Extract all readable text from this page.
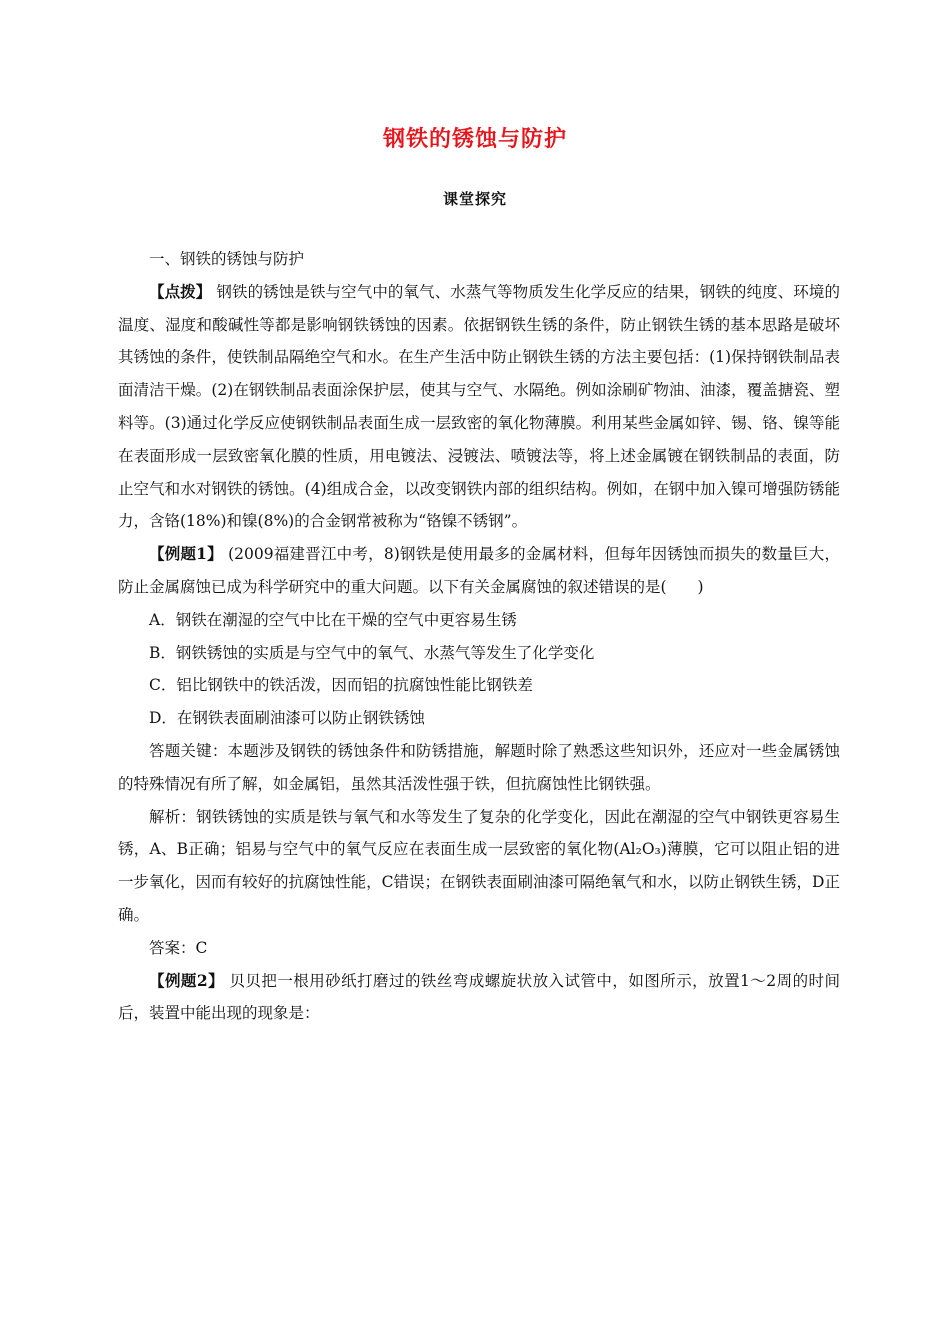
钢铁的锈蚀与防护
课堂探究

一、钢铁的锈蚀与防护

【点拨】 钢铁的锈蚀是铁与空气中的氧气、水蒸气等物质发生化学反应的结果，钢铁的纯度、环境的温度、湿度和酸碱性等都是影响钢铁锈蚀的因素。依据钢铁生锈的条件，防止钢铁生锈的基本思路是破坏其锈蚀的条件，使铁制品隔绝空气和水。在生产生活中防止钢铁生锈的方法主要包括：(1)保持钢铁制品表面清洁干燥。(2)在钢铁制品表面涂保护层，使其与空气、水隔绝。例如涂刷矿物油、油漆，覆盖搪瓷、塑料等。(3)通过化学反应使钢铁制品表面生成一层致密的氧化物薄膜。利用某些金属如锌、锡、铬、镍等能在表面形成一层致密氧化膜的性质，用电镀法、浸镀法、喷镀法等，将上述金属镀在钢铁制品的表面，防止空气和水对钢铁的锈蚀。(4)组成合金，以改变钢铁内部的组织结构。例如，在钢中加入镍可增强防锈能力，含铬(18%)和镍(8%)的合金钢常被称为“铬镍不锈钢”。

【例题1】 (2009福建晋江中考，8)钢铁是使用最多的金属材料，但每年因锈蚀而损失的数量巨大，防止金属腐蚀已成为科学研究中的重大问题。以下有关金属腐蚀的叙述错误的是(　　)

A．钢铁在潮湿的空气中比在干燥的空气中更容易生锈

B．钢铁锈蚀的实质是与空气中的氧气、水蒸气等发生了化学变化

C．铝比钢铁中的铁活泼，因而铝的抗腐蚀性能比钢铁差

D．在钢铁表面刷油漆可以防止钢铁锈蚀

答题关键：本题涉及钢铁的锈蚀条件和防锈措施，解题时除了熟悉这些知识外，还应对一些金属锈蚀的特殊情况有所了解，如金属铝，虽然其活泼性强于铁，但抗腐蚀性比钢铁强。

解析：钢铁锈蚀的实质是铁与氧气和水等发生了复杂的化学变化，因此在潮湿的空气中钢铁更容易生锈，A、B正确；铝易与空气中的氧气反应在表面生成一层致密的氧化物(Al₂O₃)薄膜，它可以阻止铝的进一步氧化，因而有较好的抗腐蚀性能，C错误；在钢铁表面刷油漆可隔绝氧气和水，以防止钢铁生锈，D正确。

答案：C

【例题2】 贝贝把一根用砂纸打磨过的铁丝弯成螺旋状放入试管中，如图所示，放置1～2周的时间后，装置中能出现的现象是：
